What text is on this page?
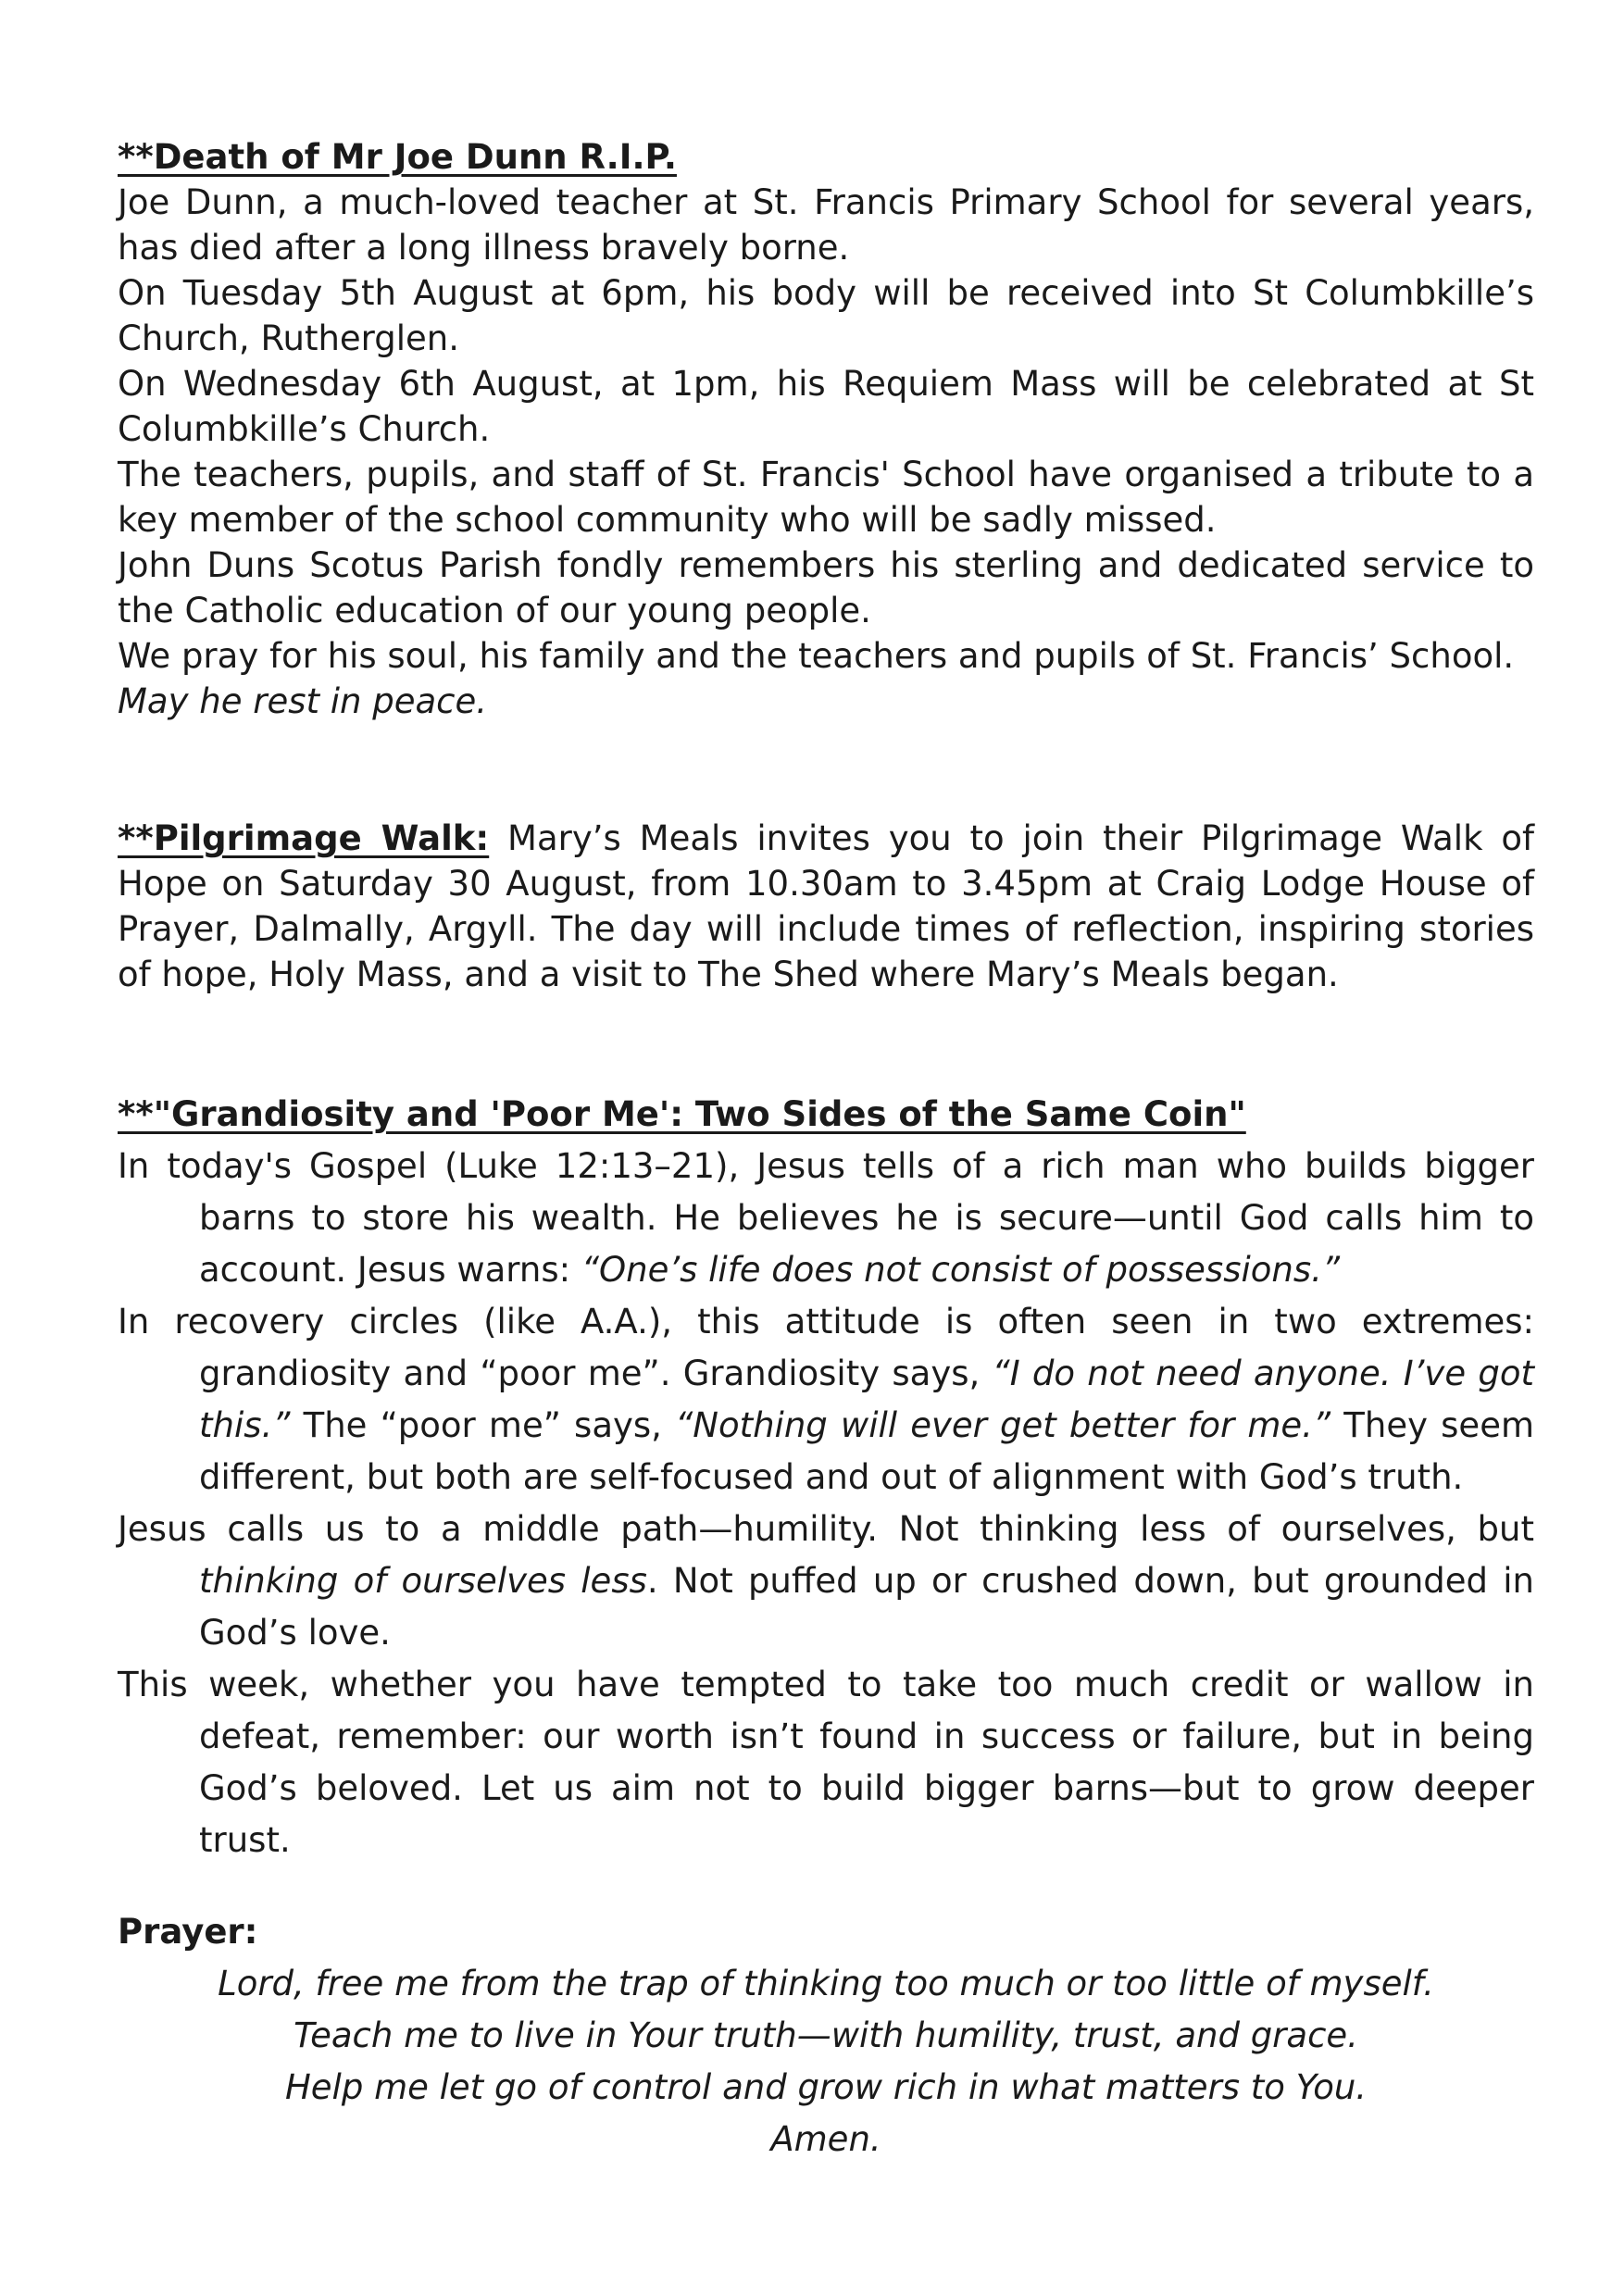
**Death of Mr Joe Dunn R.I.P.

Joe Dunn, a much-loved teacher at St. Francis Primary School for several years, has died after a long illness bravely borne.

On Tuesday 5th August at 6pm, his body will be received into St Columbkille’s Church, Rutherglen.

On Wednesday 6th August, at 1pm, his Requiem Mass will be celebrated at St Columbkille’s Church.

The teachers, pupils, and staff of St. Francis' School have organised a tribute to a key member of the school community who will be sadly missed.

John Duns Scotus Parish fondly remembers his sterling and dedicated service to the Catholic education of our young people.

We pray for his soul, his family and the teachers and pupils of St. Francis’ School.

May he rest in peace.

**Pilgrimage Walk: Mary’s Meals invites you to join their Pilgrimage Walk of Hope on Saturday 30 August, from 10.30am to 3.45pm at Craig Lodge House of Prayer, Dalmally, Argyll. The day will include times of reflection, inspiring stories of hope, Holy Mass, and a visit to The Shed where Mary’s Meals began.

**"Grandiosity and 'Poor Me': Two Sides of the Same Coin"

In today's Gospel (Luke 12:13–21), Jesus tells of a rich man who builds bigger barns to store his wealth. He believes he is secure—until God calls him to account. Jesus warns: “One’s life does not consist of possessions.”

In recovery circles (like A.A.), this attitude is often seen in two extremes: grandiosity and “poor me”. Grandiosity says, “I do not need anyone. I’ve got this.” The “poor me” says, “Nothing will ever get better for me.” They seem different, but both are self-focused and out of alignment with God’s truth.

Jesus calls us to a middle path—humility. Not thinking less of ourselves, but thinking of ourselves less. Not puffed up or crushed down, but grounded in God’s love.

This week, whether you have tempted to take too much credit or wallow in defeat, remember: our worth isn’t found in success or failure, but in being God’s beloved. Let us aim not to build bigger barns—but to grow deeper trust.

Prayer:

Lord, free me from the trap of thinking too much or too little of myself.

Teach me to live in Your truth—with humility, trust, and grace.

Help me let go of control and grow rich in what matters to You.

Amen.
